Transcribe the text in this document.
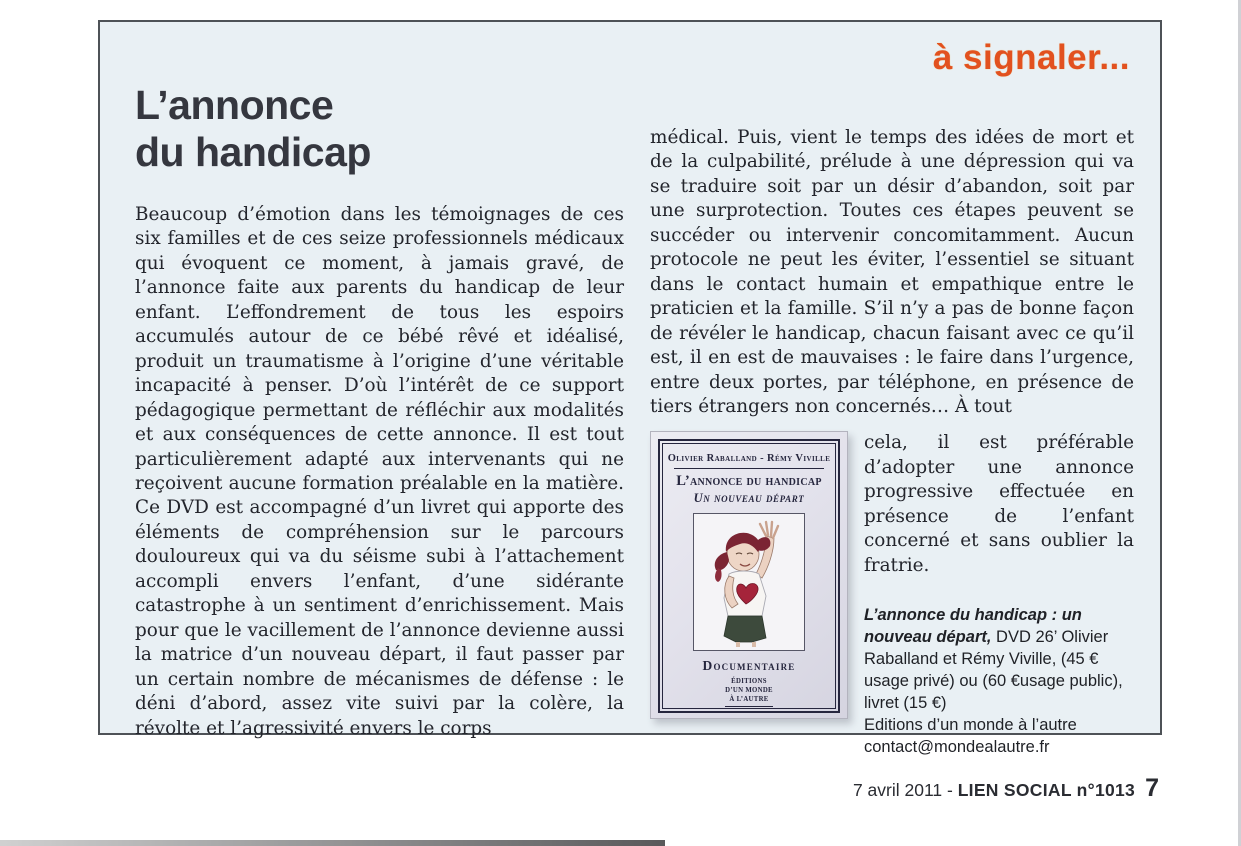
à signaler...
L’annonce
du handicap
Beaucoup d’émotion dans les témoignages de ces six familles et de ces seize professionnels médicaux qui évoquent ce moment, à jamais gravé, de l’annonce faite aux parents du handicap de leur enfant. L’effondrement de tous les espoirs accumulés autour de ce bébé rêvé et idéalisé, produit un traumatisme à l’origine d’une véritable incapacité à penser. D’où l’intérêt de ce support pédagogique permettant de réfléchir aux modalités et aux conséquences de cette annonce. Il est tout particulièrement adapté aux intervenants qui ne reçoivent aucune formation préalable en la matière. Ce DVD est accompagné d’un livret qui apporte des éléments de compréhension sur le parcours douloureux qui va du séisme subi à l’attachement accompli envers l’enfant, d’une sidérante catastrophe à un sentiment d’enrichissement. Mais pour que le vacillement de l’annonce devienne aussi la matrice d’un nouveau départ, il faut passer par un certain nombre de mécanismes de défense : le déni d’abord, assez vite suivi par la colère, la révolte et l’agressivité envers le corps
médical. Puis, vient le temps des idées de mort et de la culpabilité, prélude à une dépression qui va se traduire soit par un désir d’abandon, soit par une surprotection. Toutes ces étapes peuvent se succéder ou intervenir concomitamment. Aucun protocole ne peut les éviter, l’essentiel se situant dans le contact humain et empathique entre le praticien et la famille. S’il n’y a pas de bonne façon de révéler le handicap, chacun faisant avec ce qu’il est, il en est de mauvaises : le faire dans l’urgence, entre deux portes, par téléphone, en présence de tiers étrangers non concernés… À tout
Olivier Raballand - Rémy Viville
L’annonce du handicap
Un nouveau départ
Documentaire
ÉDITIONS
D’UN MONDE
À L’AUTRE
cela, il est préférable d’adopter une annonce progressive effectuée en présence de l’enfant concerné et sans oublier la fratrie.
L’annonce du handicap : un nouveau départ, DVD 26’ Olivier Raballand et Rémy Viville, (45 € usage privé) ou (60 €usage public), livret (15 €)
Editions d’un monde à l’autre
contact@mondealautre.fr
7 avril 2011 - LIEN SOCIAL n°1013 7
